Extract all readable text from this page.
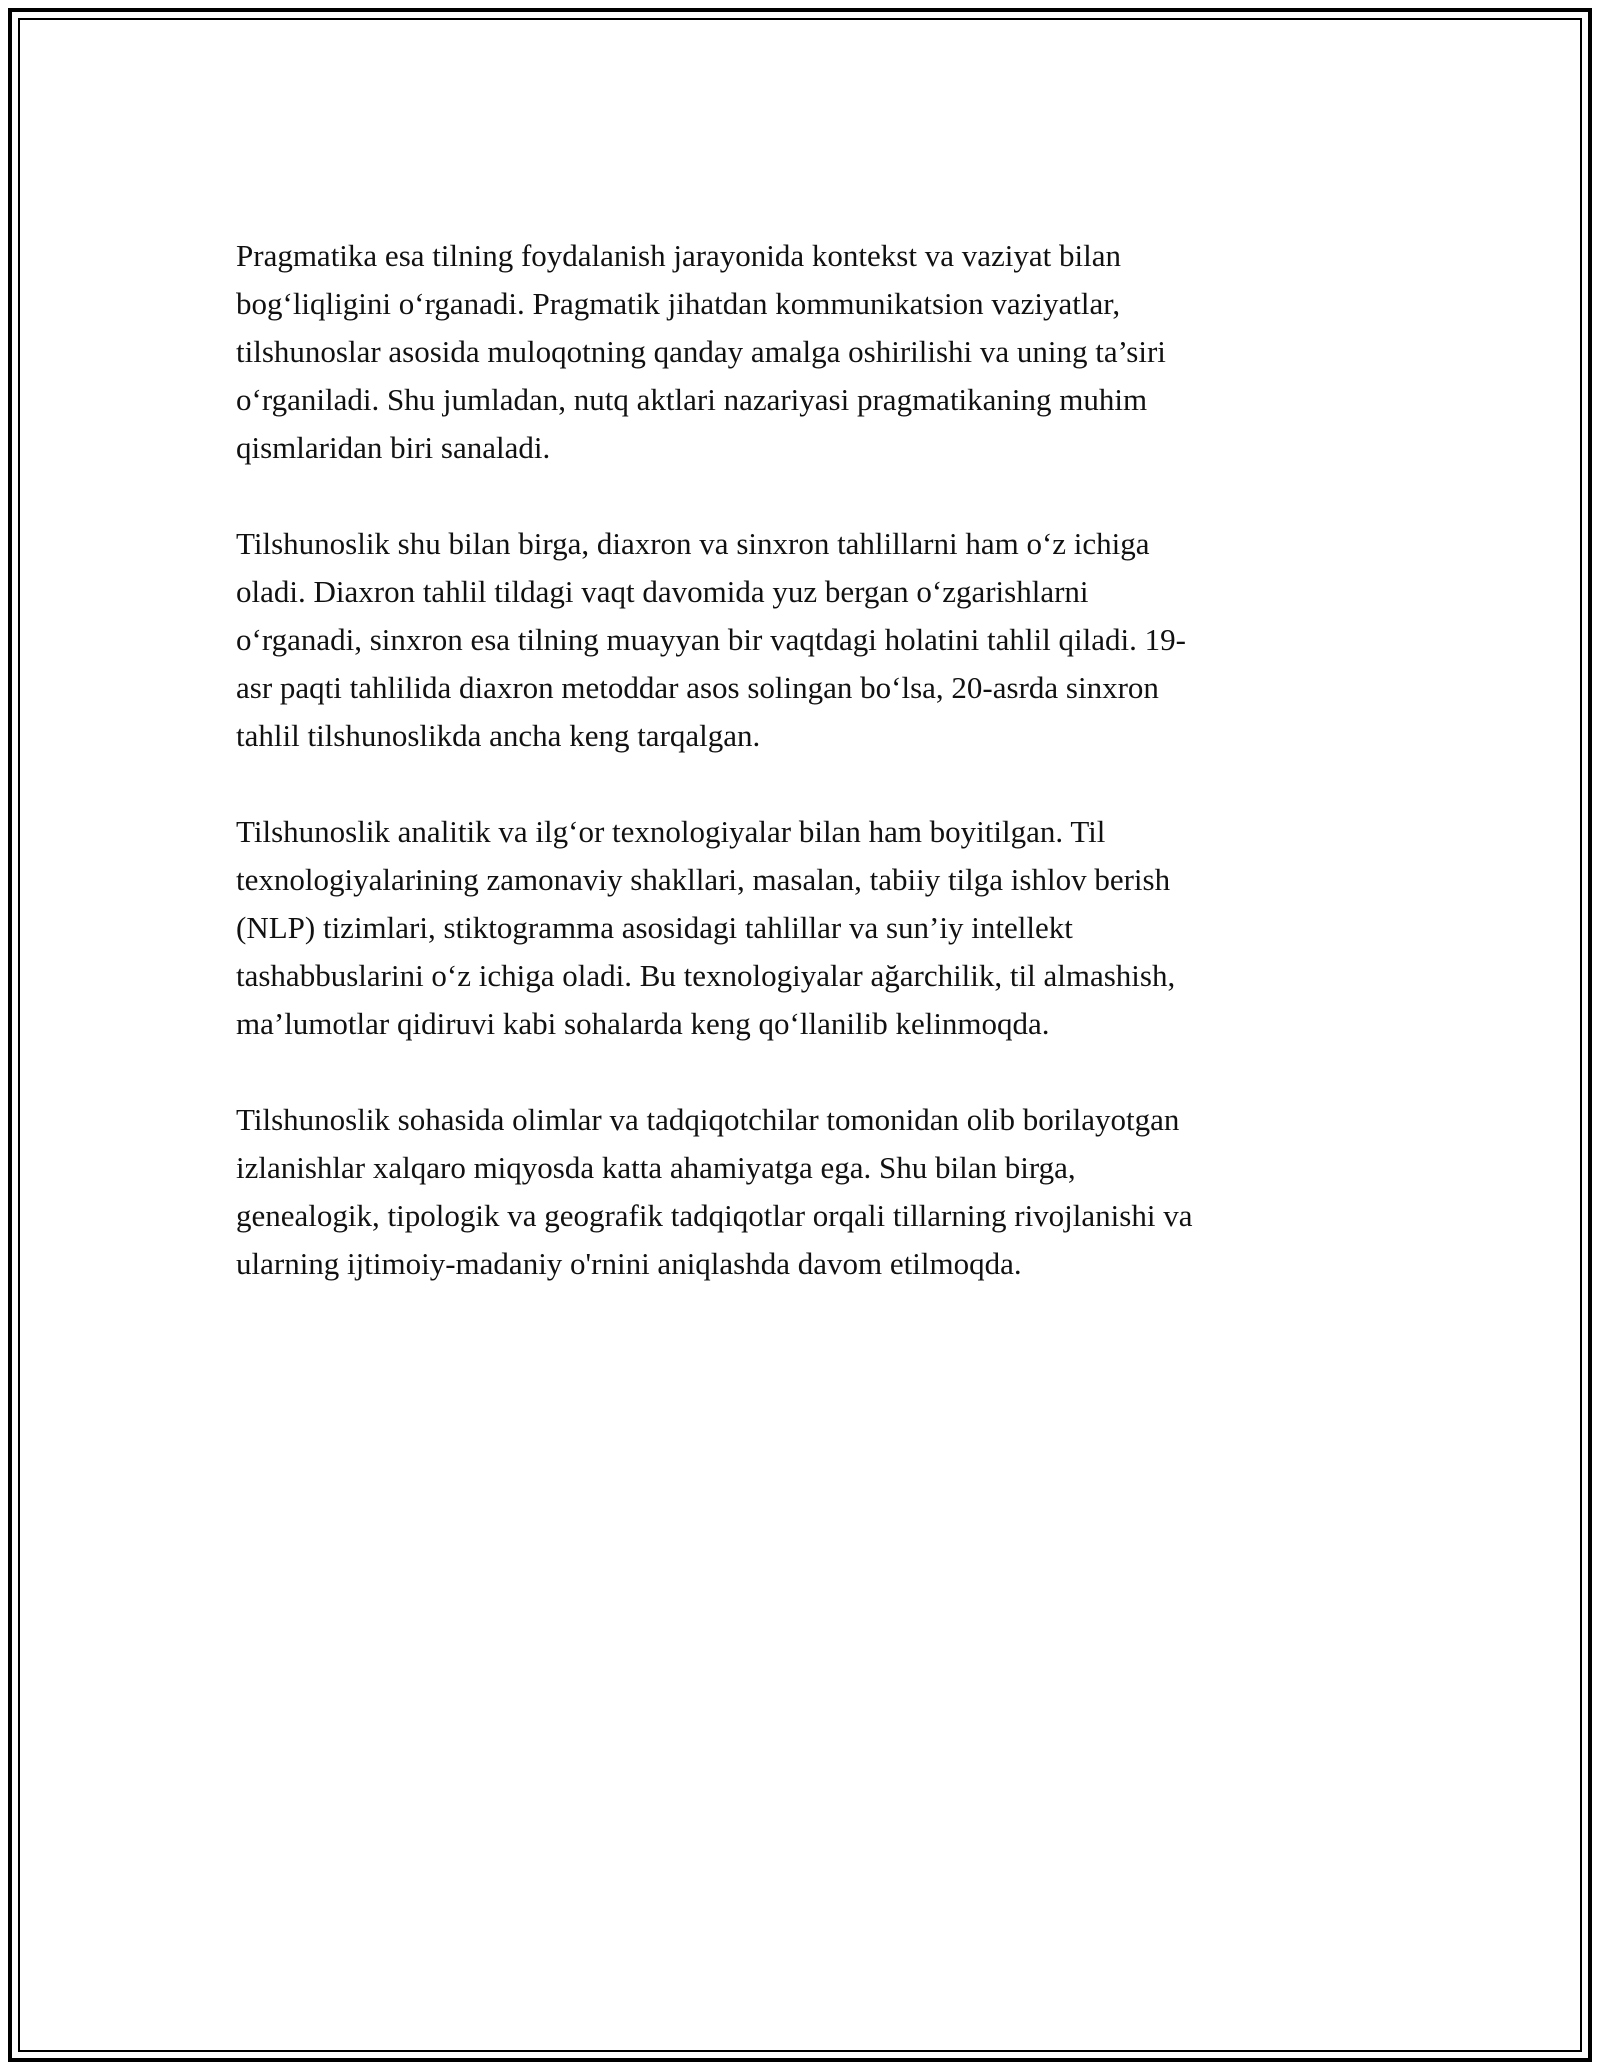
Pragmatika esa tilning foydalanish jarayonida kontekst va vaziyat bilan
bog‘liqligini o‘rganadi. Pragmatik jihatdan kommunikatsion vaziyatlar,
tilshunoslar asosida muloqotning qanday amalga oshirilishi va uning ta’siri
o‘rganiladi. Shu jumladan, nutq aktlari nazariyasi pragmatikaning muhim
qismlaridan biri sanaladi.

Tilshunoslik shu bilan birga, diaxron va sinxron tahlillarni ham o‘z ichiga
oladi. Diaxron tahlil tildagi vaqt davomida yuz bergan o‘zgarishlarni
o‘rganadi, sinxron esa tilning muayyan bir vaqtdagi holatini tahlil qiladi. 19-
asr paqti tahlilida diaxron metoddar asos solingan bo‘lsa, 20-asrda sinxron
tahlil tilshunoslikda ancha keng tarqalgan.

Tilshunoslik analitik va ilg‘or texnologiyalar bilan ham boyitilgan. Til
texnologiyalarining zamonaviy shakllari, masalan, tabiiy tilga ishlov berish
(NLP) tizimlari, stiktogramma asosidagi tahlillar va sun’iy intellekt
tashabbuslarini o‘z ichiga oladi. Bu texnologiyalar ağarchilik, til almashish,
ma’lumotlar qidiruvi kabi sohalarda keng qo‘llanilib kelinmoqda.

Tilshunoslik sohasida olimlar va tadqiqotchilar tomonidan olib borilayotgan
izlanishlar xalqaro miqyosda katta ahamiyatga ega. Shu bilan birga,
genealogik, tipologik va geografik tadqiqotlar orqali tillarning rivojlanishi va
ularning ijtimoiy-madaniy o'rnini aniqlashda davom etilmoqda.
